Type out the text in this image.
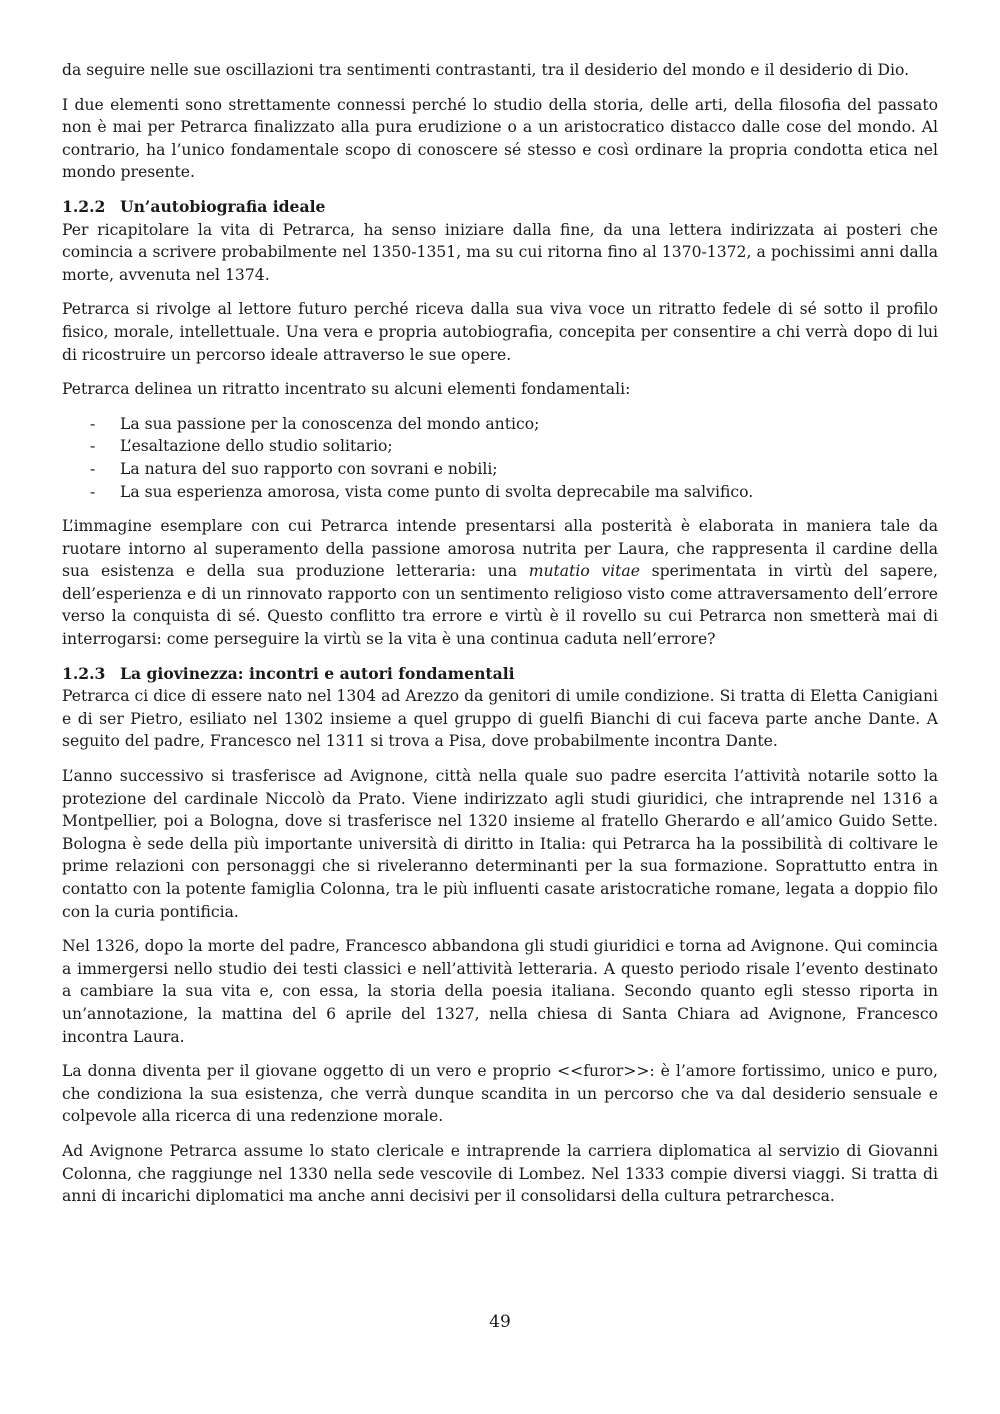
da seguire nelle sue oscillazioni tra sentimenti contrastanti, tra il desiderio del mondo e il desiderio di Dio.

I due elementi sono strettamente connessi perché lo studio della storia, delle arti, della filosofia del passato non è mai per Petrarca finalizzato alla pura erudizione o a un aristocratico distacco dalle cose del mondo. Al contrario, ha l’unico fondamentale scopo di conoscere sé stesso e così ordinare la propria condotta etica nel mondo presente.

1.2.2 Un’autobiografia ideale

Per ricapitolare la vita di Petrarca, ha senso iniziare dalla fine, da una lettera indirizzata ai posteri che comincia a scrivere probabilmente nel 1350-1351, ma su cui ritorna fino al 1370-1372, a pochissimi anni dalla morte, avvenuta nel 1374.

Petrarca si rivolge al lettore futuro perché riceva dalla sua viva voce un ritratto fedele di sé sotto il profilo fisico, morale, intellettuale. Una vera e propria autobiografia, concepita per consentire a chi verrà dopo di lui di ricostruire un percorso ideale attraverso le sue opere.

Petrarca delinea un ritratto incentrato su alcuni elementi fondamentali:

- La sua passione per la conoscenza del mondo antico;
- L’esaltazione dello studio solitario;
- La natura del suo rapporto con sovrani e nobili;
- La sua esperienza amorosa, vista come punto di svolta deprecabile ma salvifico.

L’immagine esemplare con cui Petrarca intende presentarsi alla posterità è elaborata in maniera tale da ruotare intorno al superamento della passione amorosa nutrita per Laura, che rappresenta il cardine della sua esistenza e della sua produzione letteraria: una mutatio vitae sperimentata in virtù del sapere, dell’esperienza e di un rinnovato rapporto con un sentimento religioso visto come attraversamento dell’errore verso la conquista di sé. Questo conflitto tra errore e virtù è il rovello su cui Petrarca non smetterà mai di interrogarsi: come perseguire la virtù se la vita è una continua caduta nell’errore?

1.2.3 La giovinezza: incontri e autori fondamentali

Petrarca ci dice di essere nato nel 1304 ad Arezzo da genitori di umile condizione. Si tratta di Eletta Canigiani e di ser Pietro, esiliato nel 1302 insieme a quel gruppo di guelfi Bianchi di cui faceva parte anche Dante. A seguito del padre, Francesco nel 1311 si trova a Pisa, dove probabilmente incontra Dante.

L’anno successivo si trasferisce ad Avignone, città nella quale suo padre esercita l’attività notarile sotto la protezione del cardinale Niccolò da Prato. Viene indirizzato agli studi giuridici, che intraprende nel 1316 a Montpellier, poi a Bologna, dove si trasferisce nel 1320 insieme al fratello Gherardo e all’amico Guido Sette. Bologna è sede della più importante università di diritto in Italia: qui Petrarca ha la possibilità di coltivare le prime relazioni con personaggi che si riveleranno determinanti per la sua formazione. Soprattutto entra in contatto con la potente famiglia Colonna, tra le più influenti casate aristocratiche romane, legata a doppio filo con la curia pontificia.

Nel 1326, dopo la morte del padre, Francesco abbandona gli studi giuridici e torna ad Avignone. Qui comincia a immergersi nello studio dei testi classici e nell’attività letteraria. A questo periodo risale l’evento destinato a cambiare la sua vita e, con essa, la storia della poesia italiana. Secondo quanto egli stesso riporta in un’annotazione, la mattina del 6 aprile del 1327, nella chiesa di Santa Chiara ad Avignone, Francesco incontra Laura.

La donna diventa per il giovane oggetto di un vero e proprio <<furor>>: è l’amore fortissimo, unico e puro, che condiziona la sua esistenza, che verrà dunque scandita in un percorso che va dal desiderio sensuale e colpevole alla ricerca di una redenzione morale.

Ad Avignone Petrarca assume lo stato clericale e intraprende la carriera diplomatica al servizio di Giovanni Colonna, che raggiunge nel 1330 nella sede vescovile di Lombez. Nel 1333 compie diversi viaggi. Si tratta di anni di incarichi diplomatici ma anche anni decisivi per il consolidarsi della cultura petrarchesca.

49
